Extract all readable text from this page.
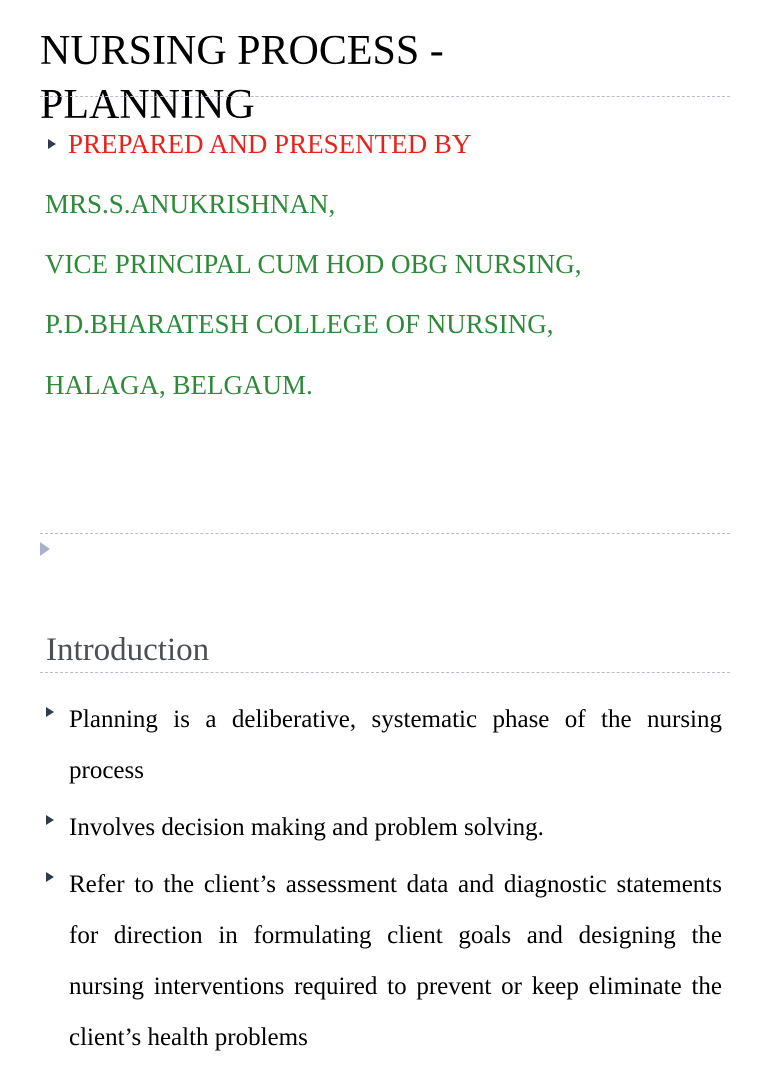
NURSING PROCESS - PLANNING
PREPARED AND PRESENTED BY
MRS.S.ANUKRISHNAN,
VICE PRINCIPAL CUM HOD OBG NURSING,
P.D.BHARATESH COLLEGE OF NURSING,
HALAGA, BELGAUM.
Introduction
Planning is a deliberative, systematic phase of the nursing process
Involves decision making and problem solving.
Refer to the client’s assessment data and diagnostic statements for direction in formulating client goals and designing the nursing interventions required to prevent or keep eliminate the client’s health problems
